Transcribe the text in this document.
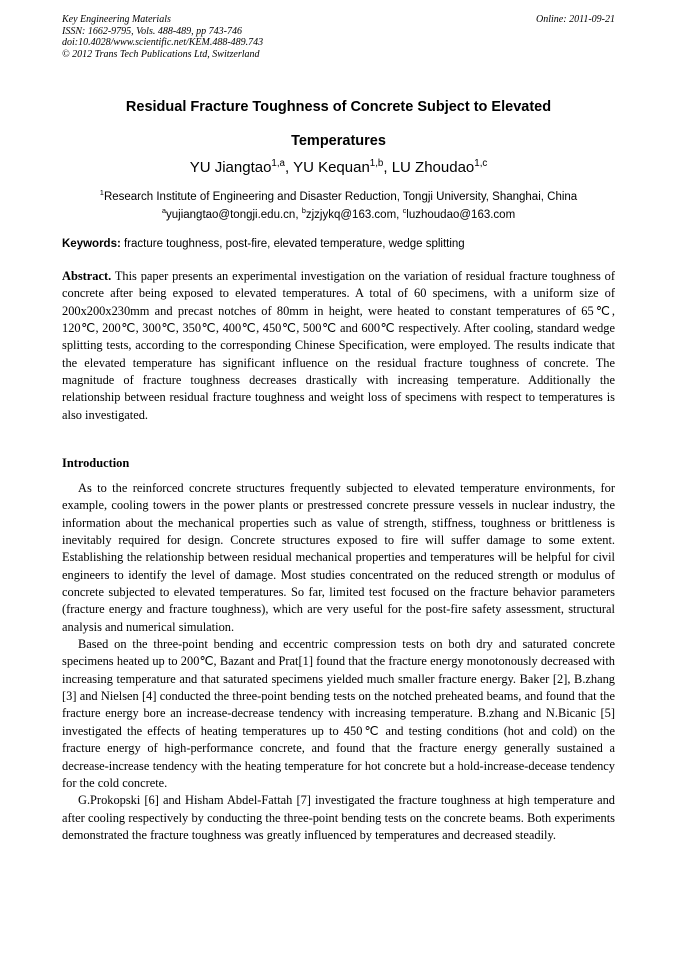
Key Engineering Materials
ISSN: 1662-9795, Vols. 488-489, pp 743-746
doi:10.4028/www.scientific.net/KEM.488-489.743
© 2012 Trans Tech Publications Ltd, Switzerland
Online: 2011-09-21
Residual Fracture Toughness of Concrete Subject to Elevated
Temperatures
YU Jiangtao$^{1,a}$, YU Kequan$^{1,b}$, LU Zhoudao$^{1,c}$
$^1$Research Institute of Engineering and Disaster Reduction, Tongji University, Shanghai, China
$^a$yujiangtao@tongji.edu.cn, $^b$zjzjykq@163.com, $^c$luzhoudao@163.com
Keywords: fracture toughness, post-fire, elevated temperature, wedge splitting

Abstract. This paper presents an experimental investigation on the variation of residual fracture toughness of concrete after being exposed to elevated temperatures. A total of 60 specimens, with a uniform size of 200x200x230mm and precast notches of 80mm in height, were heated to constant temperatures of 65℃, 120℃, 200℃, 300℃, 350℃, 400℃, 450℃, 500℃ and 600℃ respectively. After cooling, standard wedge splitting tests, according to the corresponding Chinese Specification, were employed. The results indicate that the elevated temperature has significant influence on the residual fracture toughness of concrete. The magnitude of fracture toughness decreases drastically with increasing temperature. Additionally the relationship between residual fracture toughness and weight loss of specimens with respect to temperatures is also investigated.

Introduction

As to the reinforced concrete structures frequently subjected to elevated temperature environments, for example, cooling towers in the power plants or prestressed concrete pressure vessels in nuclear industry, the information about the mechanical properties such as value of strength, stiffness, toughness or brittleness is inevitably required for design. Concrete structures exposed to fire will suffer damage to some extent. Establishing the relationship between residual mechanical properties and temperatures will be helpful for civil engineers to identify the level of damage. Most studies concentrated on the reduced strength or modulus of concrete subjected to elevated temperatures. So far, limited test focused on the fracture behavior parameters (fracture energy and fracture toughness), which are very useful for the post-fire safety assessment, structural analysis and numerical simulation.

Based on the three-point bending and eccentric compression tests on both dry and saturated concrete specimens heated up to 200℃, Bazant and Prat[1] found that the fracture energy monotonously decreased with increasing temperature and that saturated specimens yielded much smaller fracture energy. Baker [2], B.zhang [3] and Nielsen [4] conducted the three-point bending tests on the notched preheated beams, and found that the fracture energy bore an increase-decrease tendency with increasing temperature. B.zhang and N.Bicanic [5] investigated the effects of heating temperatures up to 450℃ and testing conditions (hot and cold) on the fracture energy of high-performance concrete, and found that the fracture energy generally sustained a decrease-increase tendency with the heating temperature for hot concrete but a hold-increase-decease tendency for the cold concrete.

G.Prokopski [6] and Hisham Abdel-Fattah [7] investigated the fracture toughness at high temperature and after cooling respectively by conducting the three-point bending tests on the concrete beams. Both experiments demonstrated the fracture toughness was greatly influenced by temperatures and decreased steadily.
